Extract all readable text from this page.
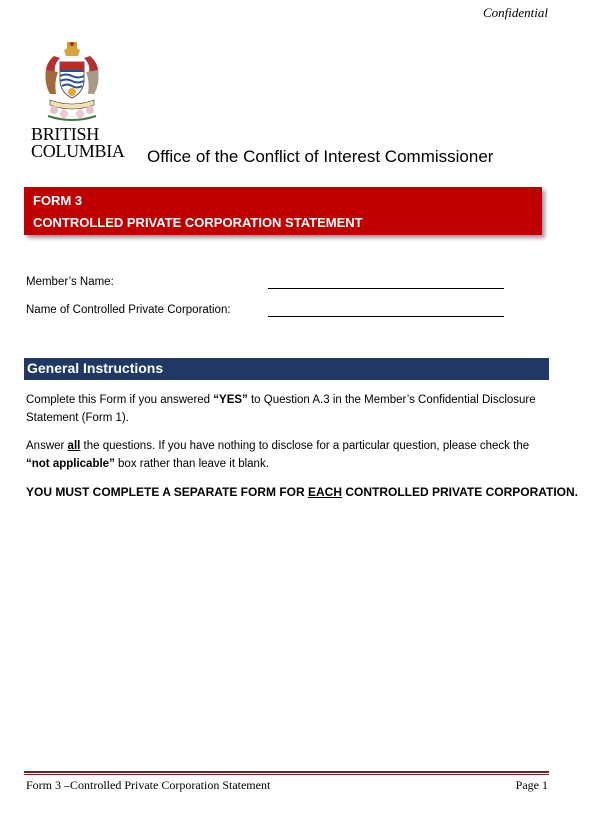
Confidential
BRITISH
COLUMBIA Office of the Conflict of Interest Commissioner
FORM 3
CONTROLLED PRIVATE CORPORATION STATEMENT
Member’s Name:
Name of Controlled Private Corporation:
General Instructions
Complete this Form if you answered “YES” to Question A.3 in the Member’s Confidential Disclosure Statement (Form 1).
Answer all the questions. If you have nothing to disclose for a particular question, please check the “not applicable” box rather than leave it blank.
YOU MUST COMPLETE A SEPARATE FORM FOR EACH CONTROLLED PRIVATE CORPORATION.
Form 3 –Controlled Private Corporation Statement	Page 1
